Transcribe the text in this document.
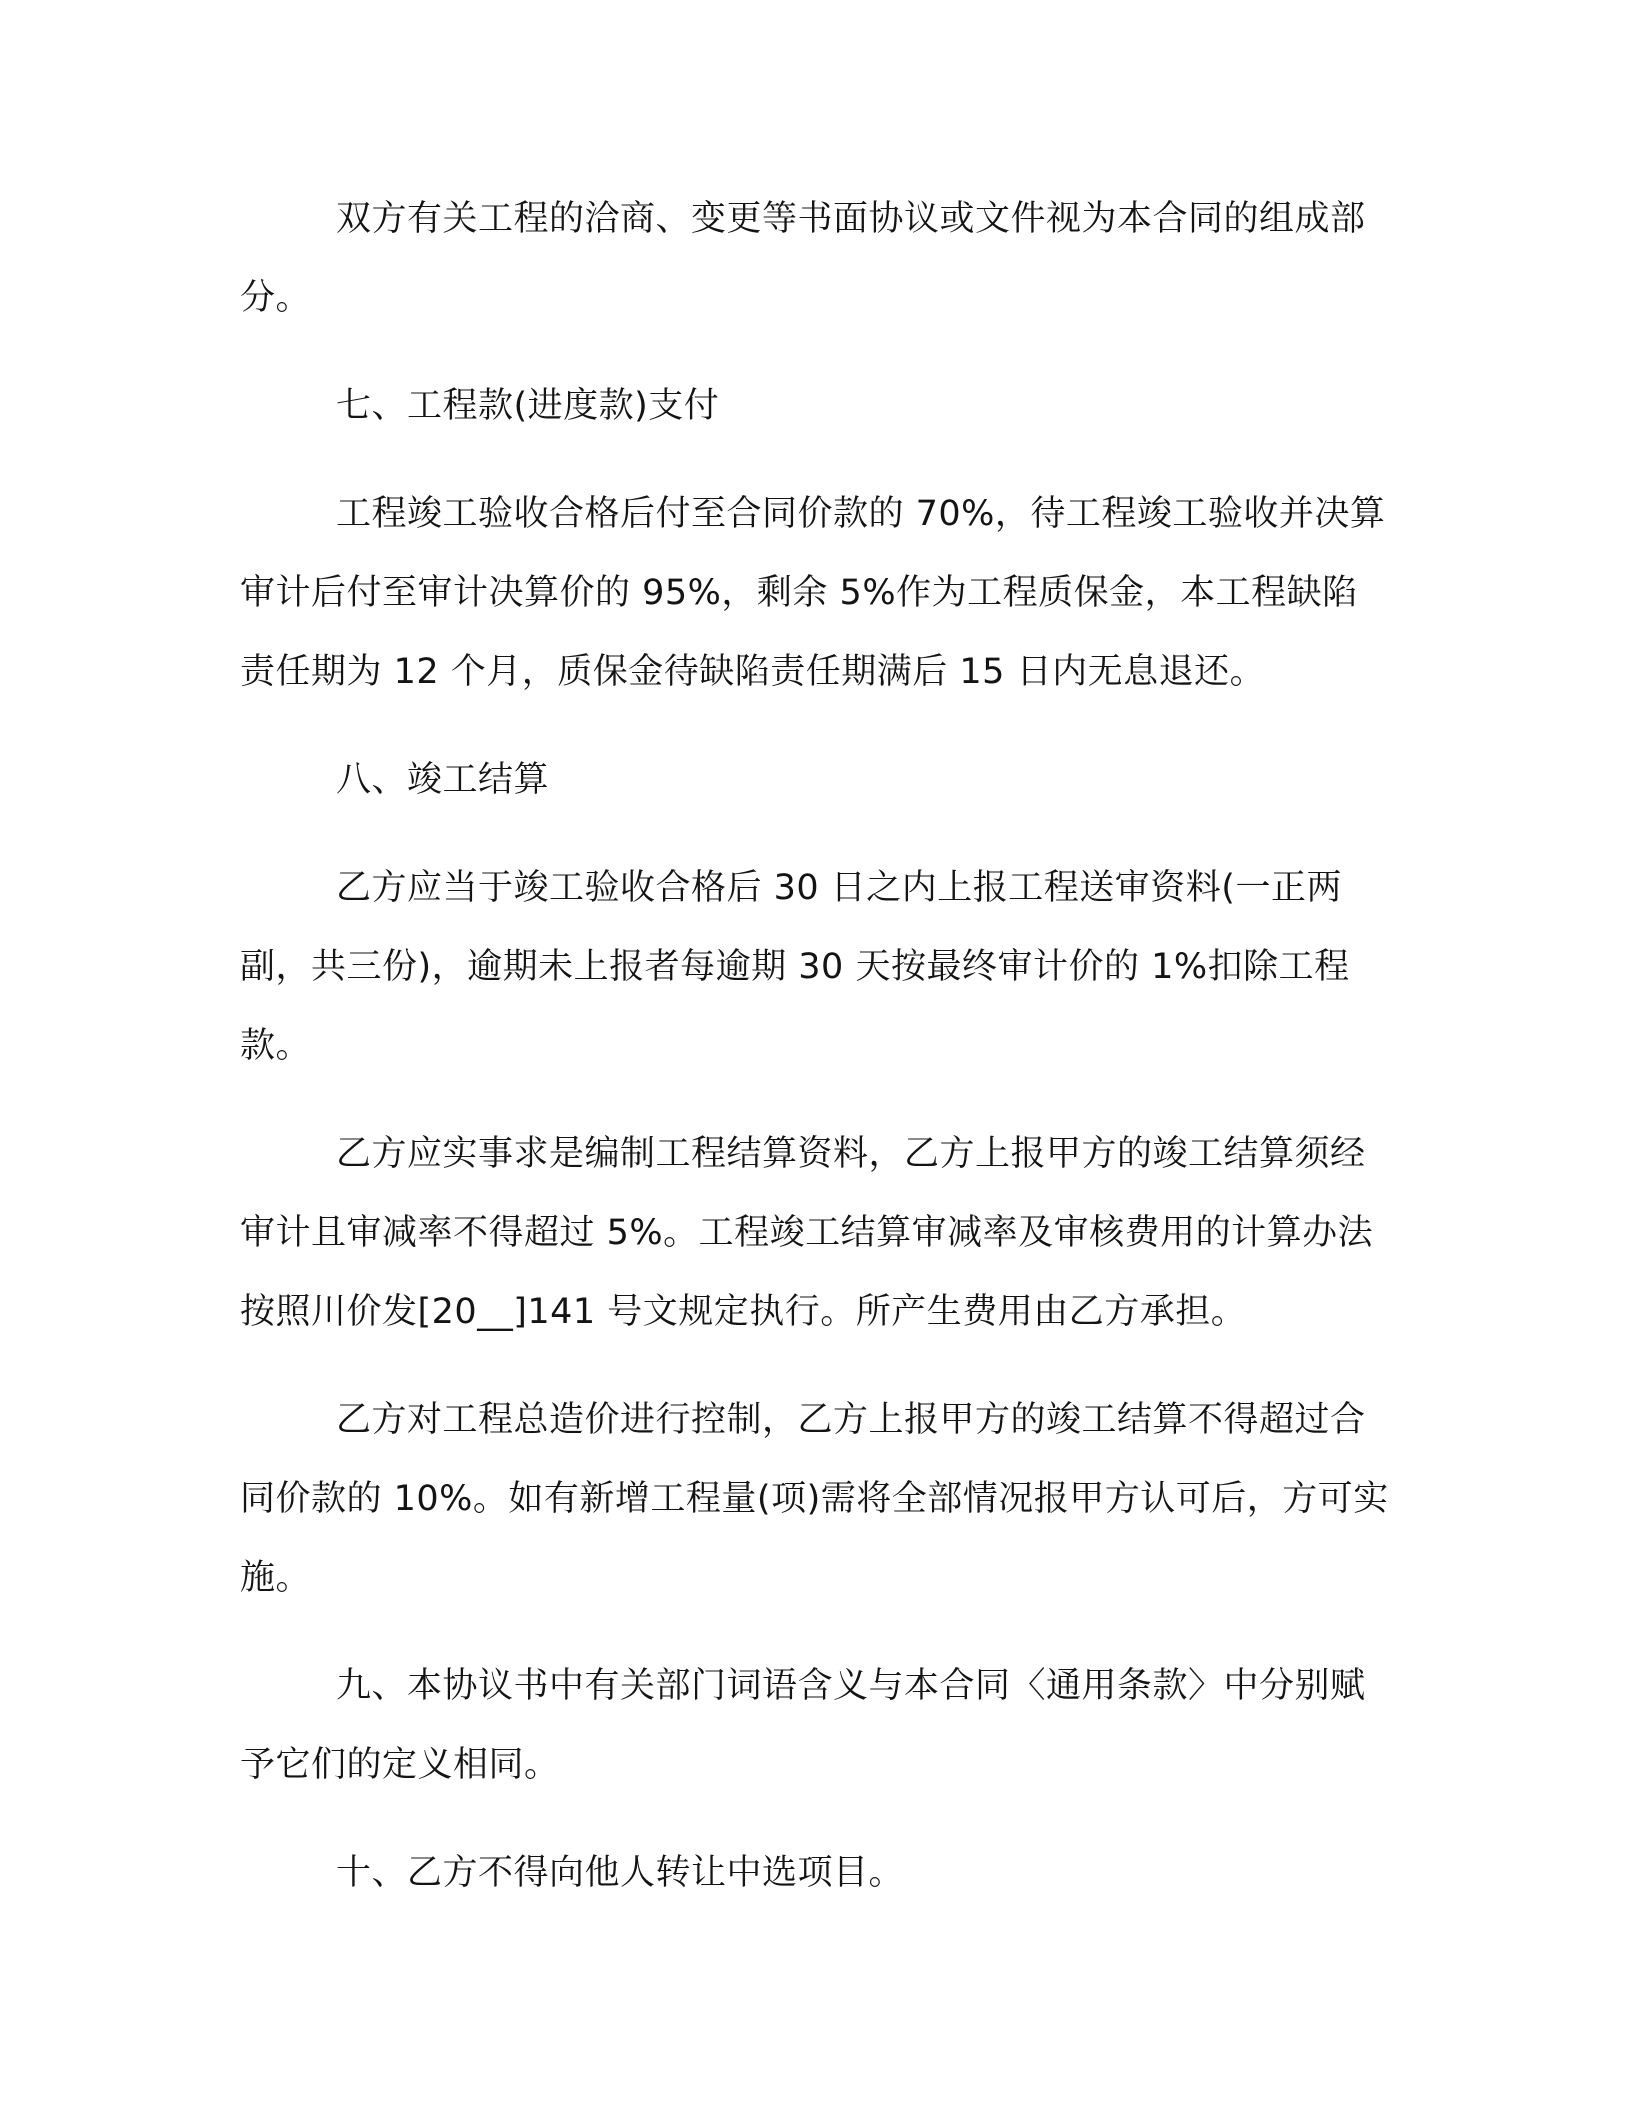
双方有关工程的洽商、变更等书面协议或文件视为本合同的组成部分。

七、工程款(进度款)支付

工程竣工验收合格后付至合同价款的 70%，待工程竣工验收并决算审计后付至审计决算价的 95%，剩余 5%作为工程质保金，本工程缺陷责任期为 12 个月，质保金待缺陷责任期满后 15 日内无息退还。

八、竣工结算

乙方应当于竣工验收合格后 30 日之内上报工程送审资料(一正两副，共三份)，逾期未上报者每逾期 30 天按最终审计价的 1%扣除工程款。

乙方应实事求是编制工程结算资料，乙方上报甲方的竣工结算须经审计且审减率不得超过 5%。工程竣工结算审减率及审核费用的计算办法按照川价发[20__]141 号文规定执行。所产生费用由乙方承担。

乙方对工程总造价进行控制，乙方上报甲方的竣工结算不得超过合同价款的 10%。如有新增工程量(项)需将全部情况报甲方认可后，方可实施。

九、本协议书中有关部门词语含义与本合同〈通用条款〉中分别赋予它们的定义相同。

十、乙方不得向他人转让中选项目。
